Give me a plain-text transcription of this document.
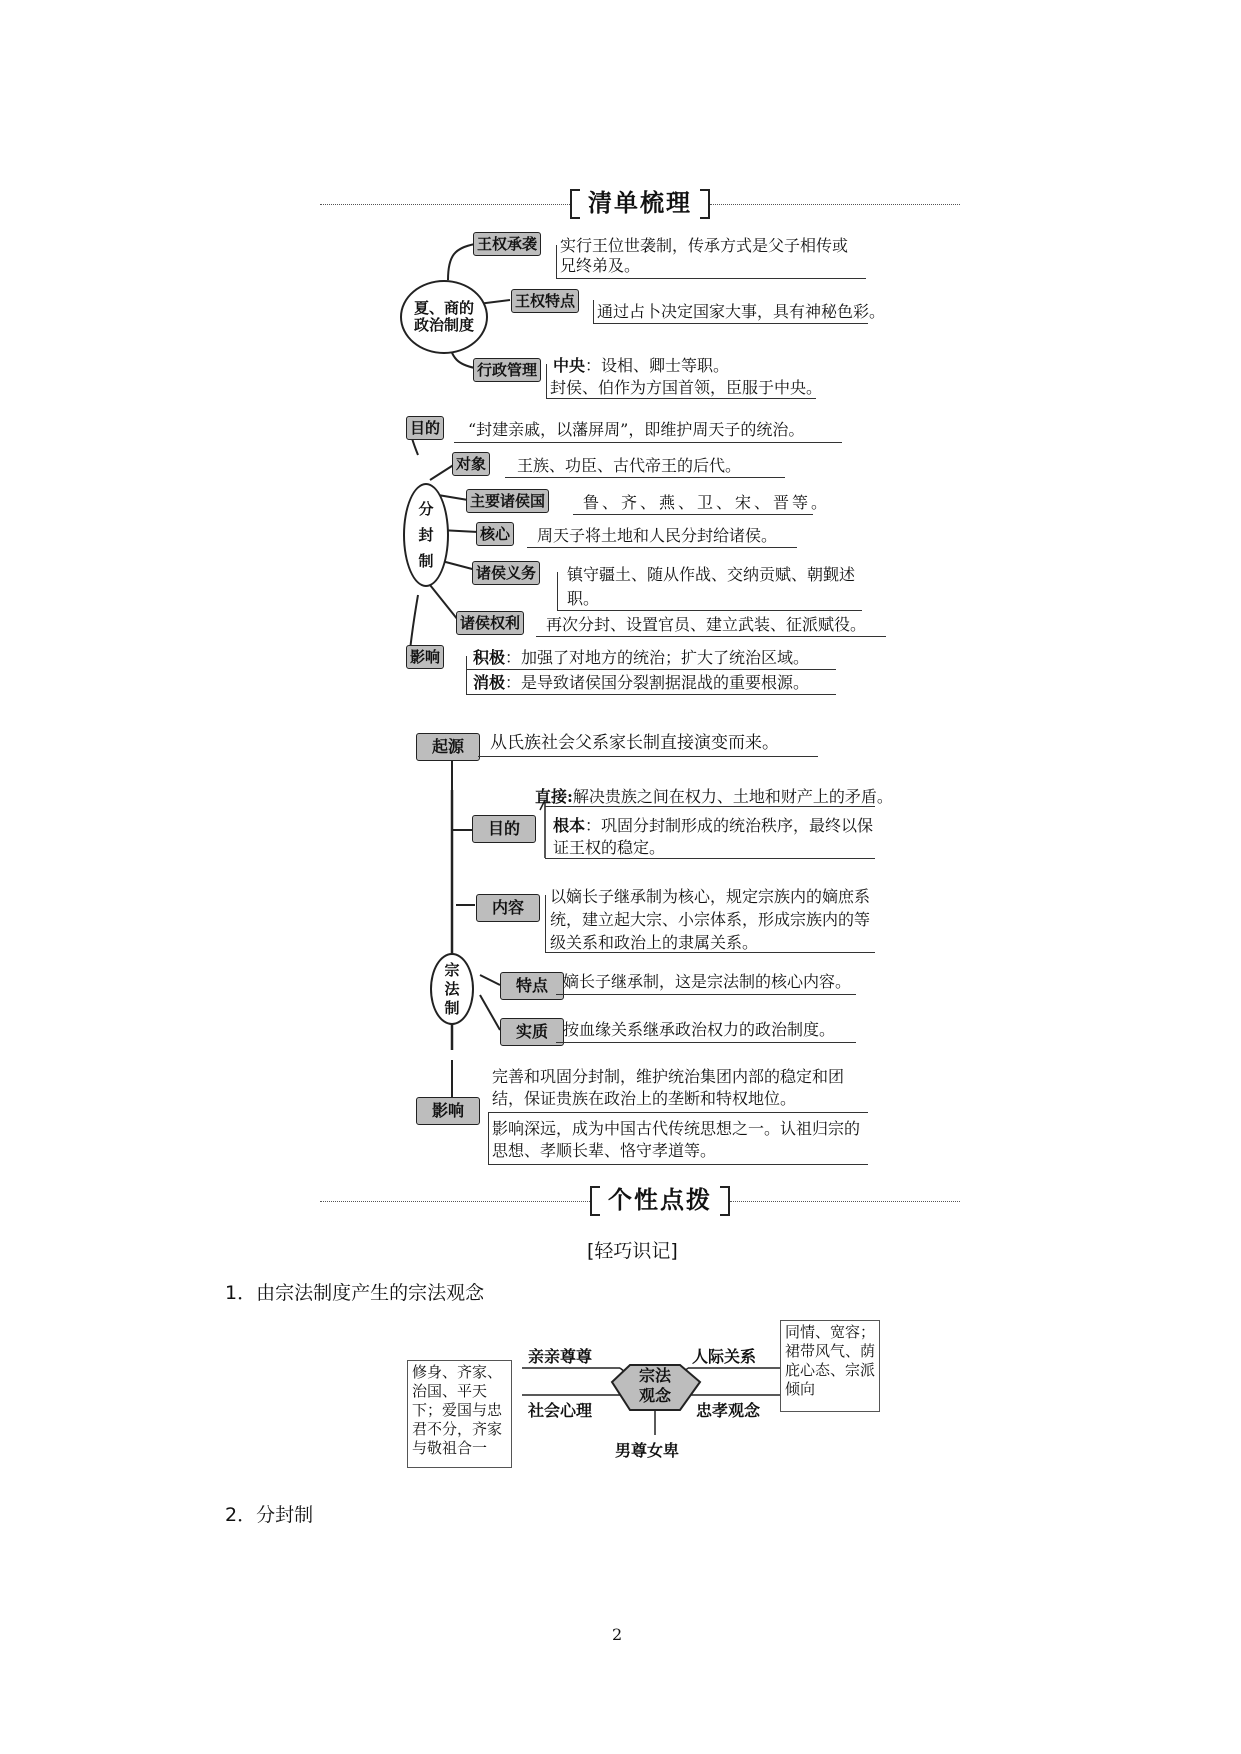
清单梳理
夏、商的政治制度
王权承袭 实行王位世袭制，传承方式是父子相传或兄终弟及。
王权特点
通过占卜决定国家大事，具有神秘色彩。
行政管理 中央：设相、卿士等职。
封侯、伯作为方国首领，臣服于中央。
分封制
目的 “封建亲戚，以藩屏周”，即维护周天子的统治。
对象 王族、功臣、古代帝王的后代。
主要诸侯国 鲁、齐、燕、卫、宋、晋等。
核心 周天子将土地和人民分封给诸侯。
诸侯义务 镇守疆土、随从作战、交纳贡赋、朝觐述职。
诸侯权利 再次分封、设置官员、建立武装、征派赋役。
影响 积极：加强了对地方的统治；扩大了统治区域。
消极：是导致诸侯国分裂割据混战的重要根源。
起源	从氏族社会父系家长制直接演变而来。
直接:解决贵族之间在权力、土地和财产上的矛盾。
目的	根本：巩固分封制形成的统治秩序，最终以保证王权的稳定。
内容
以嫡长子继承制为核心，规定宗族内的嫡庶系统，建立起大宗、小宗体系，形成宗族内的等级关系和政治上的隶属关系。
宗法制
特点 嫡长子继承制，这是宗法制的核心内容。
实质 按血缘关系继承政治权力的政治制度。
影响
完善和巩固分封制，维护统治集团内部的稳定和团结，保证贵族在政治上的垄断和特权地位。
影响深远，成为中国古代传统思想之一。认祖归宗的思想、孝顺长辈、恪守孝道等。
个性点拨
[轻巧识记]
1．由宗法制度产生的宗法观念
修身、齐家、治国、平天下；爱国与忠君不分，齐家与敬祖合一
同情、宽容；裙带风气、荫庇心态、宗派倾向
亲亲尊尊	人际关系
社会心理	忠孝观念
男尊女卑
宗法观念
2．分封制
2
